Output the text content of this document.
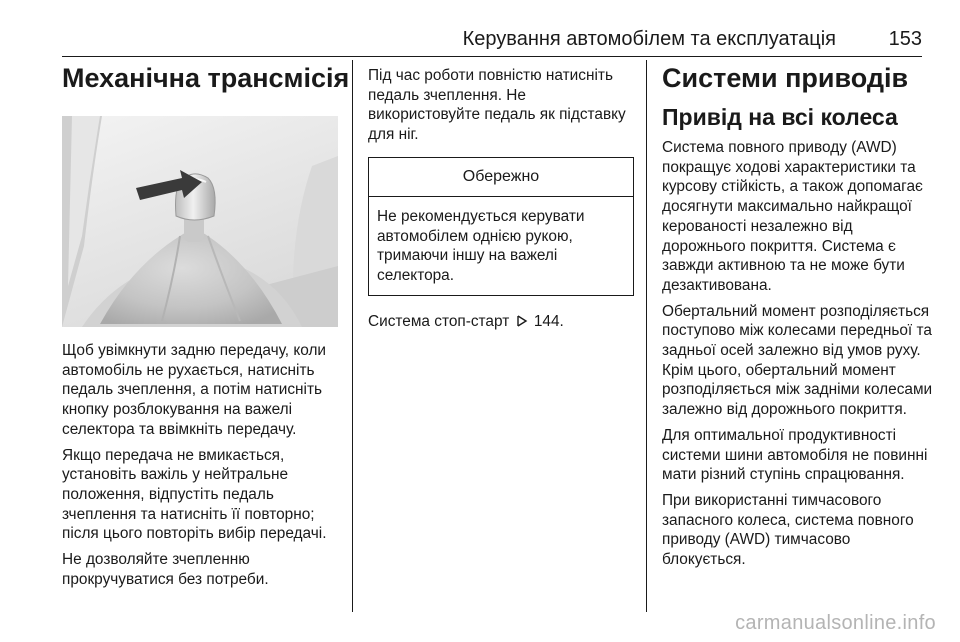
Керування автомобілем та експлуатація	153
Механічна трансмісія

Щоб увімкнути задню передачу, коли автомобіль не рухається, натисніть педаль зчеплення, а потім натисніть кнопку розблокування на важелі селектора та ввімкніть передачу.

Якщо передача не вмикається, установіть важіль у нейтральне положення, відпустіть педаль зчеплення та натисніть її повторно; після цього повторіть вибір передачі.

Не дозволяйте зчепленню прокручуватися без потреби.

Під час роботи повністю натисніть педаль зчеплення. Не використовуйте педаль як підставку для ніг.

Обережно
Не рекомендується керувати автомобілем однією рукою, тримаючи іншу на важелі селектора.

Система стоп-старт 144.

Системи приводів
Привід на всі колеса

Система повного приводу (AWD) покращує ходові характеристики та курсову стійкість, а також допомагає досягнути максимально найкращої керованості незалежно від дорожнього покриття. Система є завжди активною та не може бути дезактивована.

Обертальний момент розподіляється поступово між колесами передньої та задньої осей залежно від умов руху. Крім цього, обертальний момент розподіляється між задніми колесами залежно від дорожнього покриття.

Для оптимальної продуктивності системи шини автомобіля не повинні мати різний ступінь спрацювання.

При використанні тимчасового запасного колеса, система повного приводу (AWD) тимчасово блокується.

carmanualsonline.info
